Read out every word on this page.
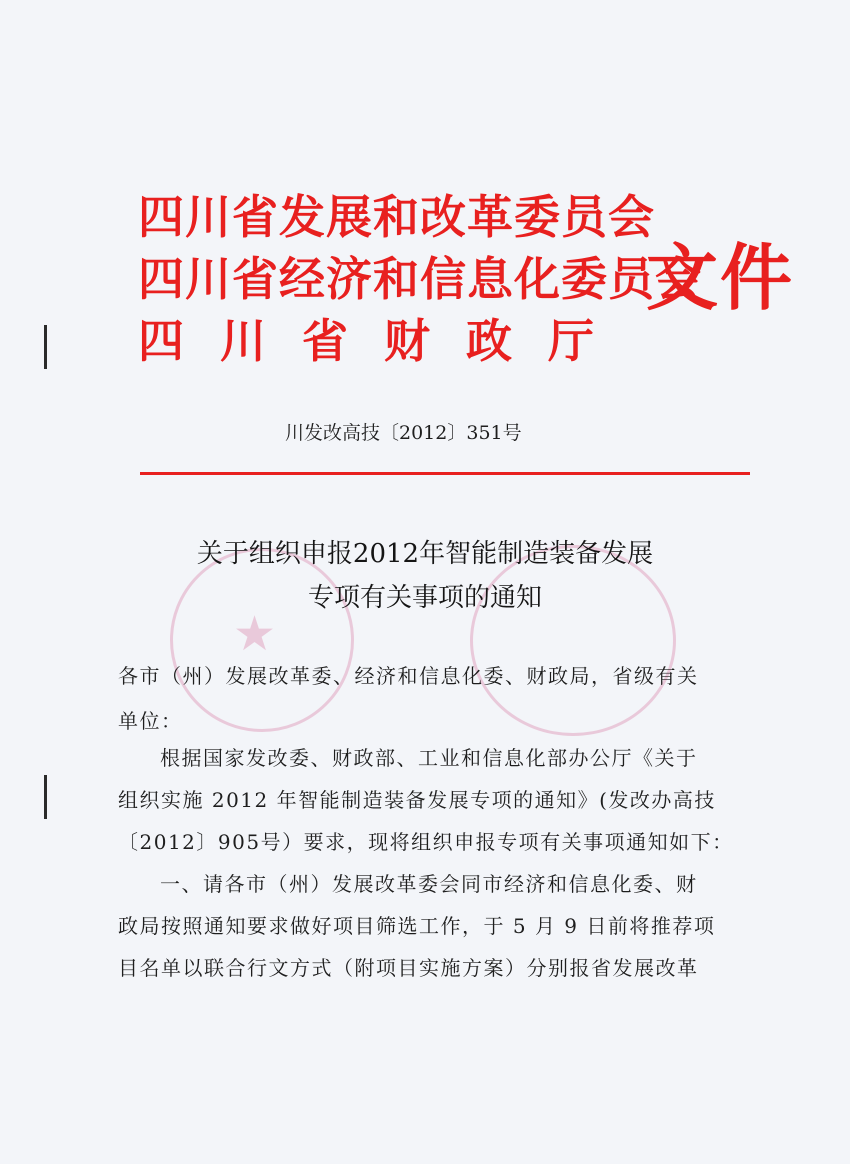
★
四川省发展和改革委员会
四川省经济和信息化委员会
四川省财政厅
文件
川发改高技〔2012〕351号
关于组织申报2012年智能制造装备发展
专项有关事项的通知
各市（州）发展改革委、经济和信息化委、财政局，省级有关
单位：
根据国家发改委、财政部、工业和信息化部办公厅《关于
组织实施 2012 年智能制造装备发展专项的通知》(发改办高技
〔2012〕905号）要求，现将组织申报专项有关事项通知如下：
一、请各市（州）发展改革委会同市经济和信息化委、财
政局按照通知要求做好项目筛选工作，于 5 月 9 日前将推荐项
目名单以联合行文方式（附项目实施方案）分别报省发展改革
